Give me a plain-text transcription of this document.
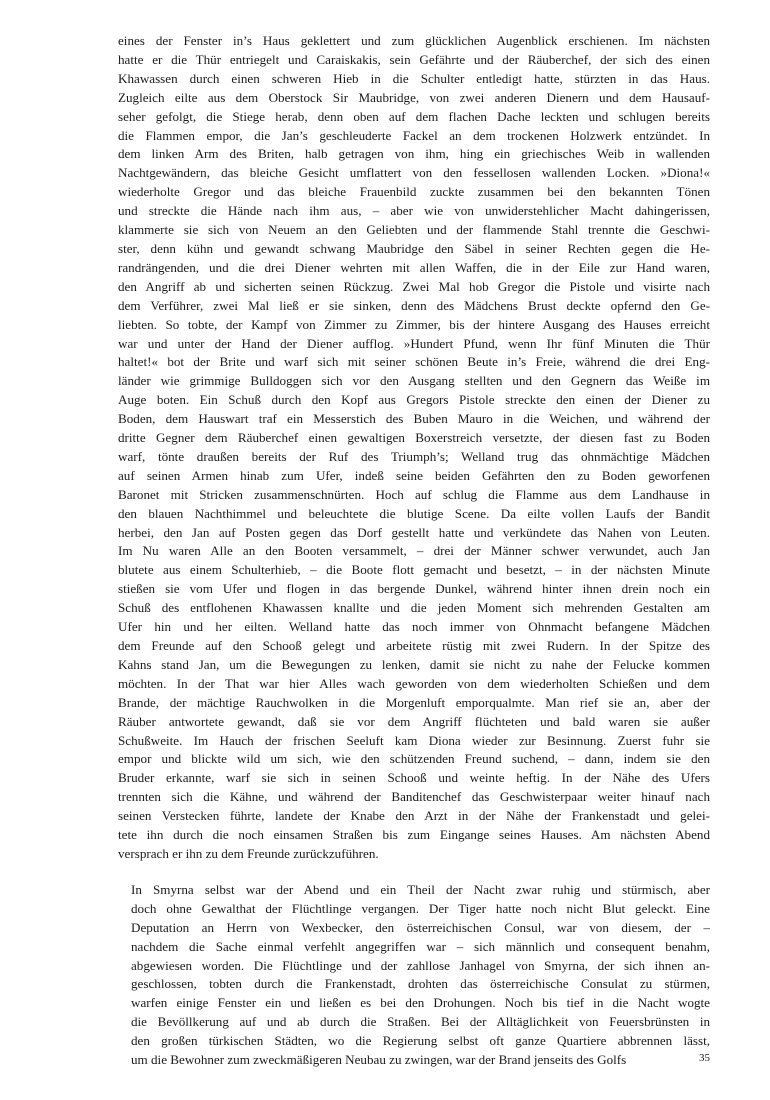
eines der Fenster in’s Haus geklettert und zum glücklichen Augenblick erschienen. Im nächsten
hatte er die Thür entriegelt und Caraiskakis, sein Gefährte und der Räuberchef, der sich des einen
Khawassen durch einen schweren Hieb in die Schulter entledigt hatte, stürzten in das Haus.
Zugleich eilte aus dem Oberstock Sir Maubridge, von zwei anderen Dienern und dem Hausauf-
seher gefolgt, die Stiege herab, denn oben auf dem flachen Dache leckten und schlugen bereits
die Flammen empor, die Jan’s geschleuderte Fackel an dem trockenen Holzwerk entzündet. In
dem linken Arm des Briten, halb getragen von ihm, hing ein griechisches Weib in wallenden
Nachtgewändern, das bleiche Gesicht umflattert von den fessellosen wallenden Locken. »Diona!«
wiederholte Gregor und das bleiche Frauenbild zuckte zusammen bei den bekannten Tönen
und streckte die Hände nach ihm aus, – aber wie von unwiderstehlicher Macht dahingerissen,
klammerte sie sich von Neuem an den Geliebten und der flammende Stahl trennte die Geschwi-
ster, denn kühn und gewandt schwang Maubridge den Säbel in seiner Rechten gegen die He-
randrängenden, und die drei Diener wehrten mit allen Waffen, die in der Eile zur Hand waren,
den Angriff ab und sicherten seinen Rückzug. Zwei Mal hob Gregor die Pistole und visirte nach
dem Verführer, zwei Mal ließ er sie sinken, denn des Mädchens Brust deckte opfernd den Ge-
liebten. So tobte, der Kampf von Zimmer zu Zimmer, bis der hintere Ausgang des Hauses erreicht
war und unter der Hand der Diener aufflog. »Hundert Pfund, wenn Ihr fünf Minuten die Thür
haltet!« bot der Brite und warf sich mit seiner schönen Beute in’s Freie, während die drei Eng-
länder wie grimmige Bulldoggen sich vor den Ausgang stellten und den Gegnern das Weiße im
Auge boten. Ein Schuß durch den Kopf aus Gregors Pistole streckte den einen der Diener zu
Boden, dem Hauswart traf ein Messerstich des Buben Mauro in die Weichen, und während der
dritte Gegner dem Räuberchef einen gewaltigen Boxerstreich versetzte, der diesen fast zu Boden
warf, tönte draußen bereits der Ruf des Triumph’s; Welland trug das ohnmächtige Mädchen
auf seinen Armen hinab zum Ufer, indeß seine beiden Gefährten den zu Boden geworfenen
Baronet mit Stricken zusammenschnürten. Hoch auf schlug die Flamme aus dem Landhause in
den blauen Nachthimmel und beleuchtete die blutige Scene. Da eilte vollen Laufs der Bandit
herbei, den Jan auf Posten gegen das Dorf gestellt hatte und verkündete das Nahen von Leuten.
Im Nu waren Alle an den Booten versammelt, – drei der Männer schwer verwundet, auch Jan
blutete aus einem Schulterhieb, – die Boote flott gemacht und besetzt, – in der nächsten Minute
stießen sie vom Ufer und flogen in das bergende Dunkel, während hinter ihnen drein noch ein
Schuß des entflohenen Khawassen knallte und die jeden Moment sich mehrenden Gestalten am
Ufer hin und her eilten. Welland hatte das noch immer von Ohnmacht befangene Mädchen
dem Freunde auf den Schooß gelegt und arbeitete rüstig mit zwei Rudern. In der Spitze des
Kahns stand Jan, um die Bewegungen zu lenken, damit sie nicht zu nahe der Felucke kommen
möchten. In der That war hier Alles wach geworden von dem wiederholten Schießen und dem
Brande, der mächtige Rauchwolken in die Morgenluft emporqualmte. Man rief sie an, aber der
Räuber antwortete gewandt, daß sie vor dem Angriff flüchteten und bald waren sie außer
Schußweite. Im Hauch der frischen Seeluft kam Diona wieder zur Besinnung. Zuerst fuhr sie
empor und blickte wild um sich, wie den schützenden Freund suchend, – dann, indem sie den
Bruder erkannte, warf sie sich in seinen Schooß und weinte heftig. In der Nähe des Ufers
trennten sich die Kähne, und während der Banditenchef das Geschwisterpaar weiter hinauf nach
seinen Verstecken führte, landete der Knabe den Arzt in der Nähe der Frankenstadt und gelei-
tete ihn durch die noch einsamen Straßen bis zum Eingange seines Hauses. Am nächsten Abend
versprach er ihn zu dem Freunde zurückzuführen.

In Smyrna selbst war der Abend und ein Theil der Nacht zwar ruhig und stürmisch, aber
doch ohne Gewalthat der Flüchtlinge vergangen. Der Tiger hatte noch nicht Blut geleckt. Eine
Deputation an Herrn von Wexbecker, den österreichischen Consul, war von diesem, der –
nachdem die Sache einmal verfehlt angegriffen war – sich männlich und consequent benahm,
abgewiesen worden. Die Flüchtlinge und der zahllose Janhagel von Smyrna, der sich ihnen an-
geschlossen, tobten durch die Frankenstadt, drohten das österreichische Consulat zu stürmen,
warfen einige Fenster ein und ließen es bei den Drohungen. Noch bis tief in die Nacht wogte
die Bevöllkerung auf und ab durch die Straßen. Bei der Alltäglichkeit von Feuersbrünsten in
den großen türkischen Städten, wo die Regierung selbst oft ganze Quartiere abbrennen lässt,
um die Bewohner zum zweckmäßigeren Neubau zu zwingen, war der Brand jenseits des Golfs	35
